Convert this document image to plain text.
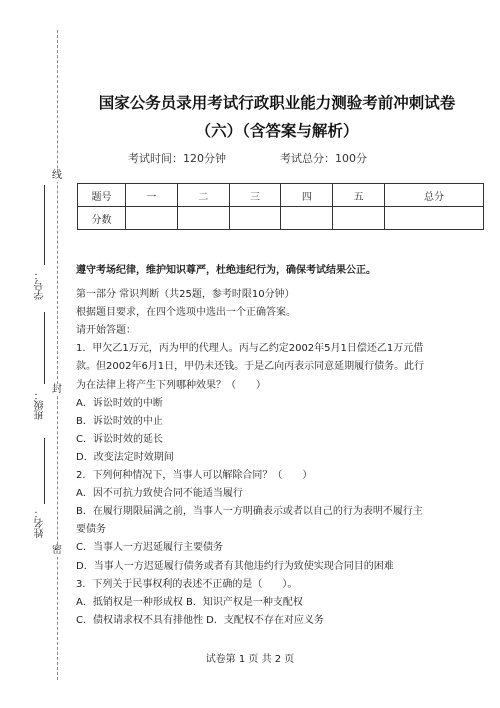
线
封
密
学号：
班级：
姓名：
国家公务员录用考试行政职业能力测验考前冲刺试卷
（六）（含答案与解析）
考试时间：120分钟	考试总分：100分
题号	一	二	三	四	五	总分
分数						

遵守考场纪律，维护知识尊严，杜绝违纪行为，确保考试结果公正。

第一部分 常识判断（共25题，参考时限10分钟）

根据题目要求，在四个选项中选出一个正确答案。

请开始答题：

1．甲欠乙1万元，丙为甲的代理人。丙与乙约定2002年5月1日偿还乙1万元借

款。但2002年6月1日，甲仍未还钱。于是乙向丙表示同意延期履行债务。此行

为在法律上将产生下列哪种效果？（　　）

A．诉讼时效的中断

B．诉讼时效的中止

C．诉讼时效的延长

D．改变法定时效期间

2．下列何种情况下，当事人可以解除合同？（　　）

A．因不可抗力致使合同不能适当履行

B．在履行期限届满之前，当事人一方明确表示或者以自己的行为表明不履行主

要债务

C．当事人一方迟延履行主要债务

D．当事人一方迟延履行债务或者有其他违约行为致使实现合同目的困难

3．下列关于民事权利的表述不正确的是（　　）。

A．抵销权是一种形成权 B．知识产权是一种支配权

C．债权请求权不具有排他性 D．支配权不存在对应义务

试卷第 1 页 共 2 页
